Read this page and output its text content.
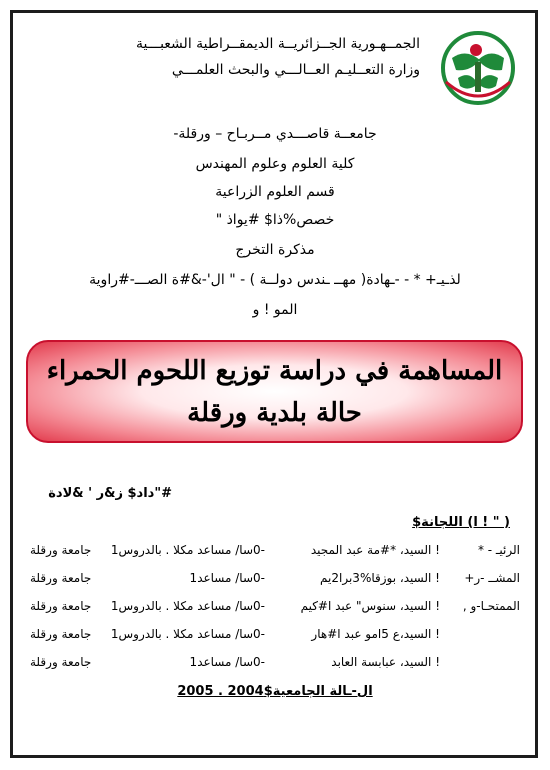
الجمــهـورية الجــزائريــة الديمقــراطية الشعبـــية
وزارة التعــليـم العــالـــي والبحث العلمـــي
جامعــة قاصـــدي مــربـاح – ورقلة-
كلية العلوم وعلوم المهندس
قسم العلوم الزراعية
خصص%ذا$ #يواذ "
مذكرة التخرج
لذـيـ+ * - -ـهادة( مهــ ـندس دولــة ) - " ال'-&#ة الصـــ-#راوية
المو ! و
المساهمة في دراسة توزيع اللحوم الحمراء
حالة بلدية ورقلة
#"داد$ ز&ر ' &لادة
( " ! ا) اللجانة$
الرئيـ - *
! السيد، *#مة عبد المجيد
-0سا/ مساعد مكلا . بالدروس1
جامعة ورقلة
المشــ -ر+
! السيد، بوزقا%3برا2يم
-0سا/ مساعد1
جامعة ورقلة
الممتحـا-و ,
! السيد، سنوس" عبد ا#كيم
-0سا/ مساعد مكلا . بالدروس1
جامعة ورقلة
! السيد،ع 5امو عبد ا#هار
-0سا/ مساعد مكلا . بالدروس1
جامعة ورقلة
! السيد، عبابسة العابد
-0سا/ مساعد1
جامعة ورقلة
ال-ـالة الجامعية$2004 . 2005
